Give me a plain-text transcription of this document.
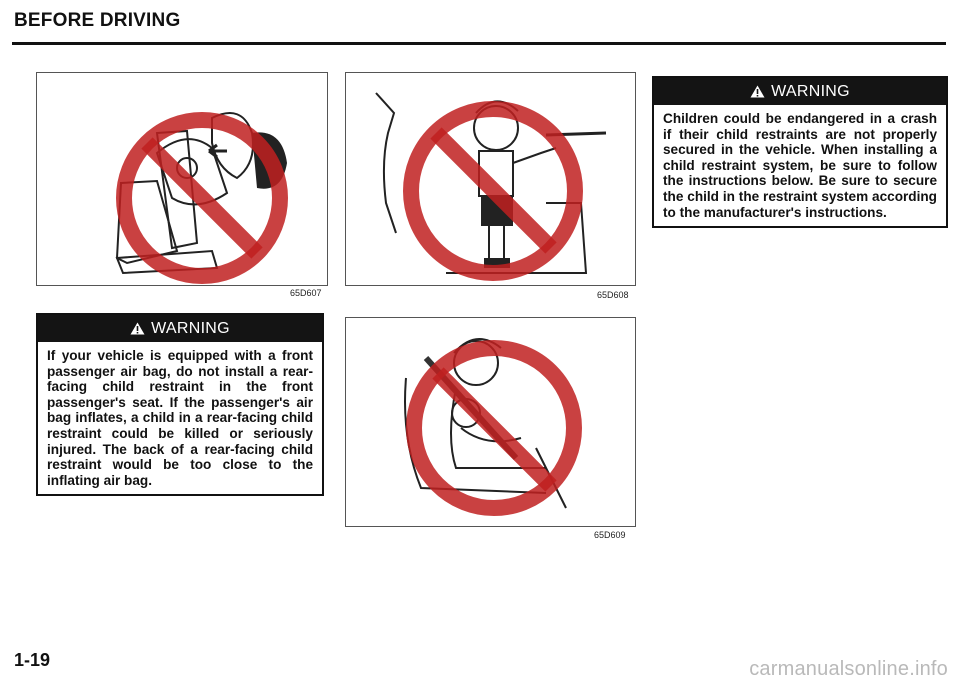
BEFORE DRIVING
65D607	65D608
65D609
WARNING
If your vehicle is equipped with a front passenger air bag, do not install a rear-facing child restraint in the front passenger's seat. If the passenger's air bag inflates, a child in a rear-facing child restraint could be killed or seriously injured. The back of a rear-facing child restraint would be too close to the inflating air bag.
WARNING
Children could be endangered in a crash if their child restraints are not properly secured in the vehicle. When installing a child restraint system, be sure to follow the instructions below. Be sure to secure the child in the restraint system according to the manufacturer's instructions.
1-19	carmanualsonline.info
